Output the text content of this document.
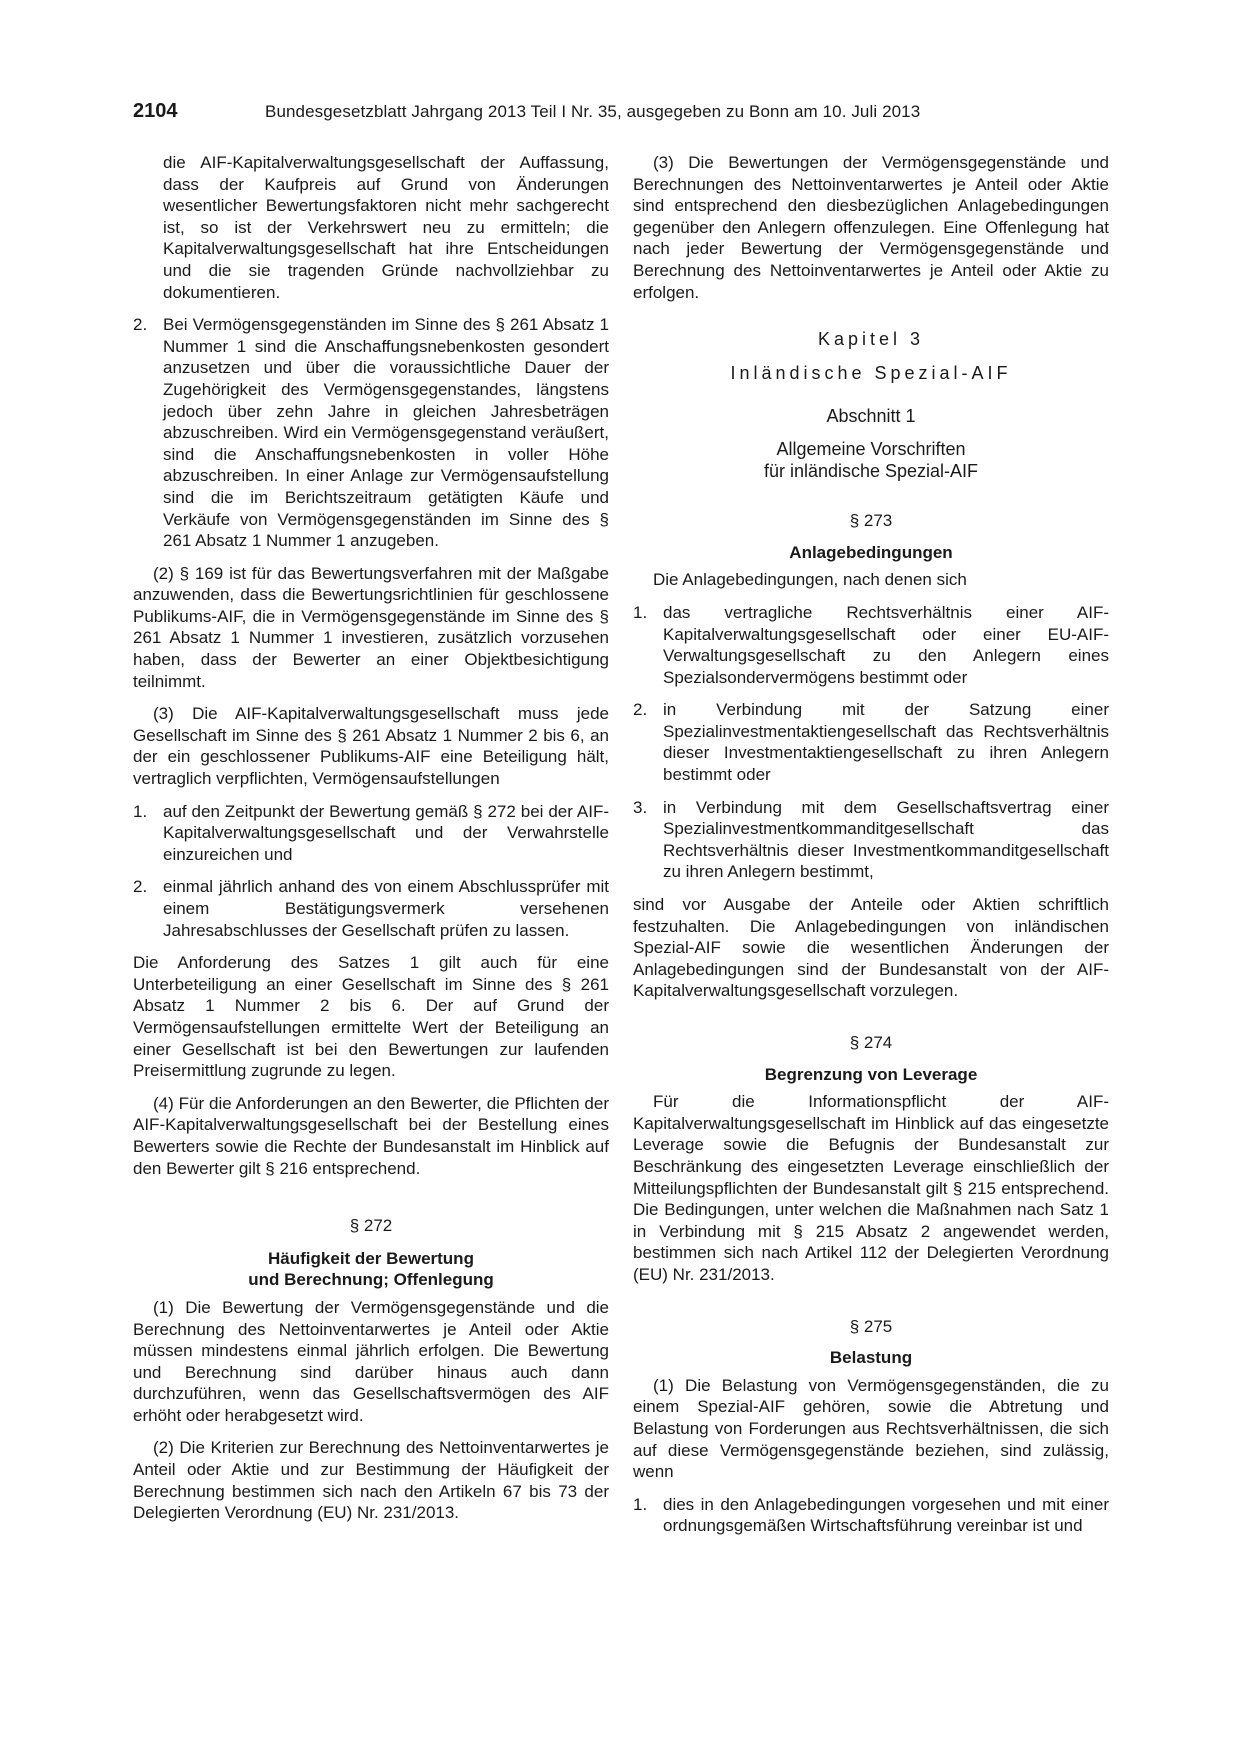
2104	Bundesgesetzblatt Jahrgang 2013 Teil I Nr. 35, ausgegeben zu Bonn am 10. Juli 2013

die AIF-Kapitalverwaltungsgesellschaft der Auffassung, dass der Kaufpreis auf Grund von Änderungen wesentlicher Bewertungsfaktoren nicht mehr sachgerecht ist, so ist der Verkehrswert neu zu ermitteln; die Kapitalverwaltungsgesellschaft hat ihre Entscheidungen und die sie tragenden Gründe nachvollziehbar zu dokumentieren.

2. Bei Vermögensgegenständen im Sinne des § 261 Absatz 1 Nummer 1 sind die Anschaffungsnebenkosten gesondert anzusetzen und über die voraussichtliche Dauer der Zugehörigkeit des Vermögensgegenstandes, längstens jedoch über zehn Jahre in gleichen Jahresbeträgen abzuschreiben. Wird ein Vermögensgegenstand veräußert, sind die Anschaffungsnebenkosten in voller Höhe abzuschreiben. In einer Anlage zur Vermögensaufstellung sind die im Berichtszeitraum getätigten Käufe und Verkäufe von Vermögensgegenständen im Sinne des § 261 Absatz 1 Nummer 1 anzugeben.

(2) § 169 ist für das Bewertungsverfahren mit der Maßgabe anzuwenden, dass die Bewertungsrichtlinien für geschlossene Publikums-AIF, die in Vermögensgegenstände im Sinne des § 261 Absatz 1 Nummer 1 investieren, zusätzlich vorzusehen haben, dass der Bewerter an einer Objektbesichtigung teilnimmt.

(3) Die AIF-Kapitalverwaltungsgesellschaft muss jede Gesellschaft im Sinne des § 261 Absatz 1 Nummer 2 bis 6, an der ein geschlossener Publikums-AIF eine Beteiligung hält, vertraglich verpflichten, Vermögensaufstellungen

1. auf den Zeitpunkt der Bewertung gemäß § 272 bei der AIF-Kapitalverwaltungsgesellschaft und der Verwahrstelle einzureichen und
2. einmal jährlich anhand des von einem Abschlussprüfer mit einem Bestätigungsvermerk versehenen Jahresabschlusses der Gesellschaft prüfen zu lassen.

Die Anforderung des Satzes 1 gilt auch für eine Unterbeteiligung an einer Gesellschaft im Sinne des § 261 Absatz 1 Nummer 2 bis 6. Der auf Grund der Vermögensaufstellungen ermittelte Wert der Beteiligung an einer Gesellschaft ist bei den Bewertungen zur laufenden Preisermittlung zugrunde zu legen.

(4) Für die Anforderungen an den Bewerter, die Pflichten der AIF-Kapitalverwaltungsgesellschaft bei der Bestellung eines Bewerters sowie die Rechte der Bundesanstalt im Hinblick auf den Bewerter gilt § 216 entsprechend.

§ 272

Häufigkeit der Bewertung

und Berechnung; Offenlegung

(1) Die Bewertung der Vermögensgegenstände und die Berechnung des Nettoinventarwertes je Anteil oder Aktie müssen mindestens einmal jährlich erfolgen. Die Bewertung und Berechnung sind darüber hinaus auch dann durchzuführen, wenn das Gesellschaftsvermögen des AIF erhöht oder herabgesetzt wird.

(2) Die Kriterien zur Berechnung des Nettoinventarwertes je Anteil oder Aktie und zur Bestimmung der Häufigkeit der Berechnung bestimmen sich nach den Artikeln 67 bis 73 der Delegierten Verordnung (EU) Nr. 231/2013.

(3) Die Bewertungen der Vermögensgegenstände und Berechnungen des Nettoinventarwertes je Anteil oder Aktie sind entsprechend den diesbezüglichen Anlagebedingungen gegenüber den Anlegern offenzulegen. Eine Offenlegung hat nach jeder Bewertung der Vermögensgegenstände und Berechnung des Nettoinventarwertes je Anteil oder Aktie zu erfolgen.

Kapitel 3

Inländische Spezial-AIF

Abschnitt 1

Allgemeine Vorschriften

für inländische Spezial-AIF

§ 273

Anlagebedingungen

Die Anlagebedingungen, nach denen sich

1. das vertragliche Rechtsverhältnis einer AIF-Kapitalverwaltungsgesellschaft oder einer EU-AIF-Verwaltungsgesellschaft zu den Anlegern eines Spezialsondervermögens bestimmt oder
2. in Verbindung mit der Satzung einer Spezialinvestmentaktiengesellschaft das Rechtsverhältnis dieser Investmentaktiengesellschaft zu ihren Anlegern bestimmt oder
3. in Verbindung mit dem Gesellschaftsvertrag einer Spezialinvestmentkommanditgesellschaft das Rechtsverhältnis dieser Investmentkommanditgesellschaft zu ihren Anlegern bestimmt,

sind vor Ausgabe der Anteile oder Aktien schriftlich festzuhalten. Die Anlagebedingungen von inländischen Spezial-AIF sowie die wesentlichen Änderungen der Anlagebedingungen sind der Bundesanstalt von der AIF-Kapitalverwaltungsgesellschaft vorzulegen.

§ 274

Begrenzung von Leverage

Für die Informationspflicht der AIF-Kapitalverwaltungsgesellschaft im Hinblick auf das eingesetzte Leverage sowie die Befugnis der Bundesanstalt zur Beschränkung des eingesetzten Leverage einschließlich der Mitteilungspflichten der Bundesanstalt gilt § 215 entsprechend. Die Bedingungen, unter welchen die Maßnahmen nach Satz 1 in Verbindung mit § 215 Absatz 2 angewendet werden, bestimmen sich nach Artikel 112 der Delegierten Verordnung (EU) Nr. 231/2013.

§ 275

Belastung

(1) Die Belastung von Vermögensgegenständen, die zu einem Spezial-AIF gehören, sowie die Abtretung und Belastung von Forderungen aus Rechtsverhältnissen, die sich auf diese Vermögensgegenstände beziehen, sind zulässig, wenn

1. dies in den Anlagebedingungen vorgesehen und mit einer ordnungsgemäßen Wirtschaftsführung vereinbar ist und
